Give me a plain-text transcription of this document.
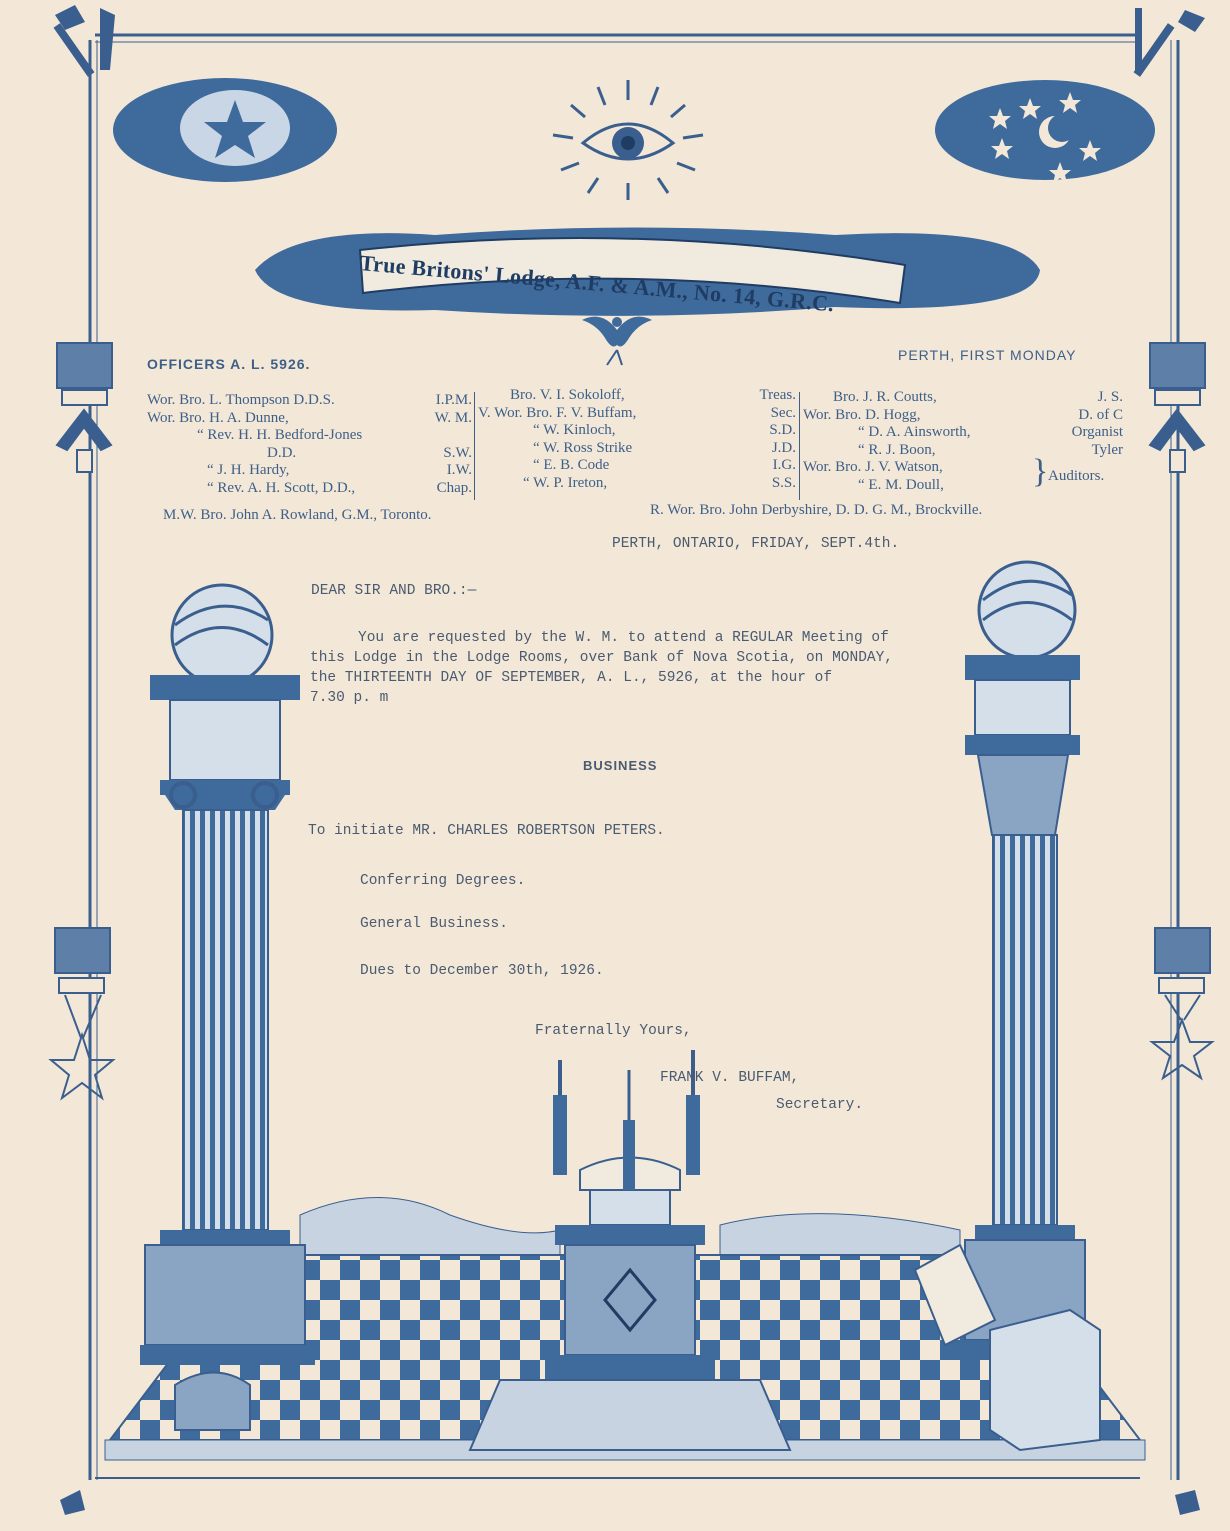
True Britons' Lodge, A.F. & A.M., No. 14, G.R.C.
OFFICERS A. L. 5926.
PERTH, FIRST MONDAY
Wor. Bro. L. Thompson D.D.S.	I.P.M.
Wor. Bro. H. A. Dunne,	W. M.
“ Rev. H. H. Bedford-Jones
D.D.	S.W.
“ J. H. Hardy,	I.W.
“ Rev. A. H. Scott, D.D.,	Chap.
Bro. V. I. Sokoloff,	Treas.
V. Wor. Bro. F. V. Buffam,	Sec.
“ W. Kinloch,	S.D.
“ W. Ross Strike	J.D.
“ E. B. Code	I.G.
“ W. P. Ireton,	S.S.
Bro. J. R. Coutts,	J. S.
Wor. Bro. D. Hogg,	D. of C
“ D. A. Ainsworth,	Organist
“ R. J. Boon,	Tyler
Wor. Bro. J. V. Watson,
“ E. M. Doull,	} Auditors.
M.W. Bro. John A. Rowland, G.M., Toronto.	R. Wor. Bro. John Derbyshire, D. D. G. M., Brockville.
PERTH, ONTARIO, FRIDAY, SEPT.4th.
DEAR SIR AND BRO.:—
You are requested by the W. M. to attend a REGULAR Meeting of
this Lodge in the Lodge Rooms, over Bank of Nova Scotia, on MONDAY,
the THIRTEENTH DAY OF SEPTEMBER, A. L., 5926, at the hour of
7.30 p. m
BUSINESS
To initiate MR. CHARLES ROBERTSON PETERS.
Conferring Degrees.
General Business.
Dues to December 30th, 1926.
Fraternally Yours,
FRANK V. BUFFAM,
Secretary.
